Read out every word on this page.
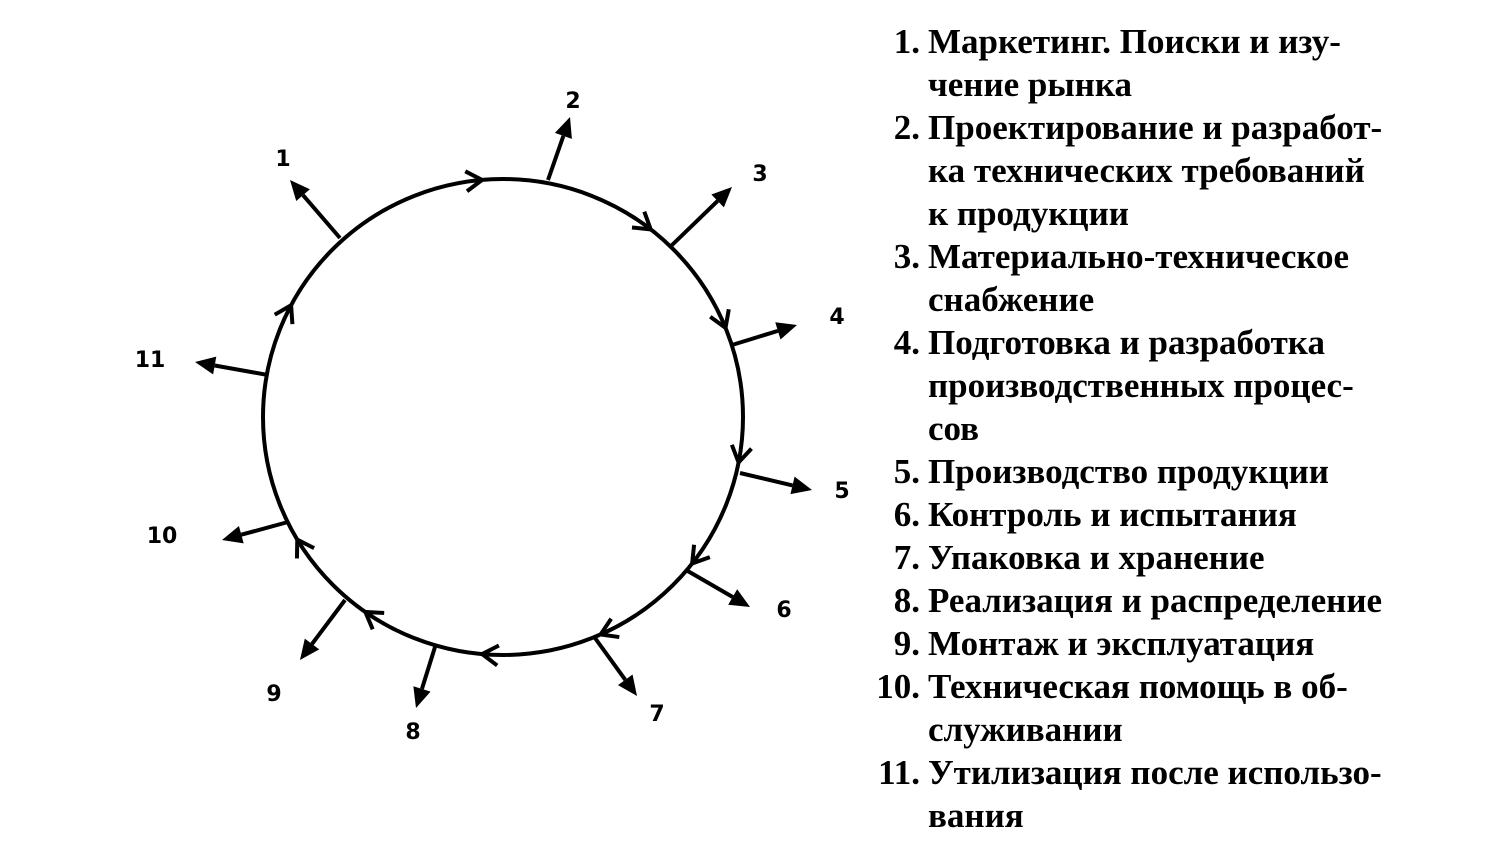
1
2
3
4
5
6
7
8
9
10
11
1. Маркетинг. Поиски и изу-
чение рынка
2. Проектирование и разработ-
ка технических требований
к продукции
3. Материально-техническое
снабжение
4. Подготовка и разработка
производственных процес-
сов
5. Производство продукции
6. Контроль и испытания
7. Упаковка и хранение
8. Реализация и распределение
9. Монтаж и эксплуатация
10. Техническая помощь в об-
служивании
11. Утилизация после использо-
вания
